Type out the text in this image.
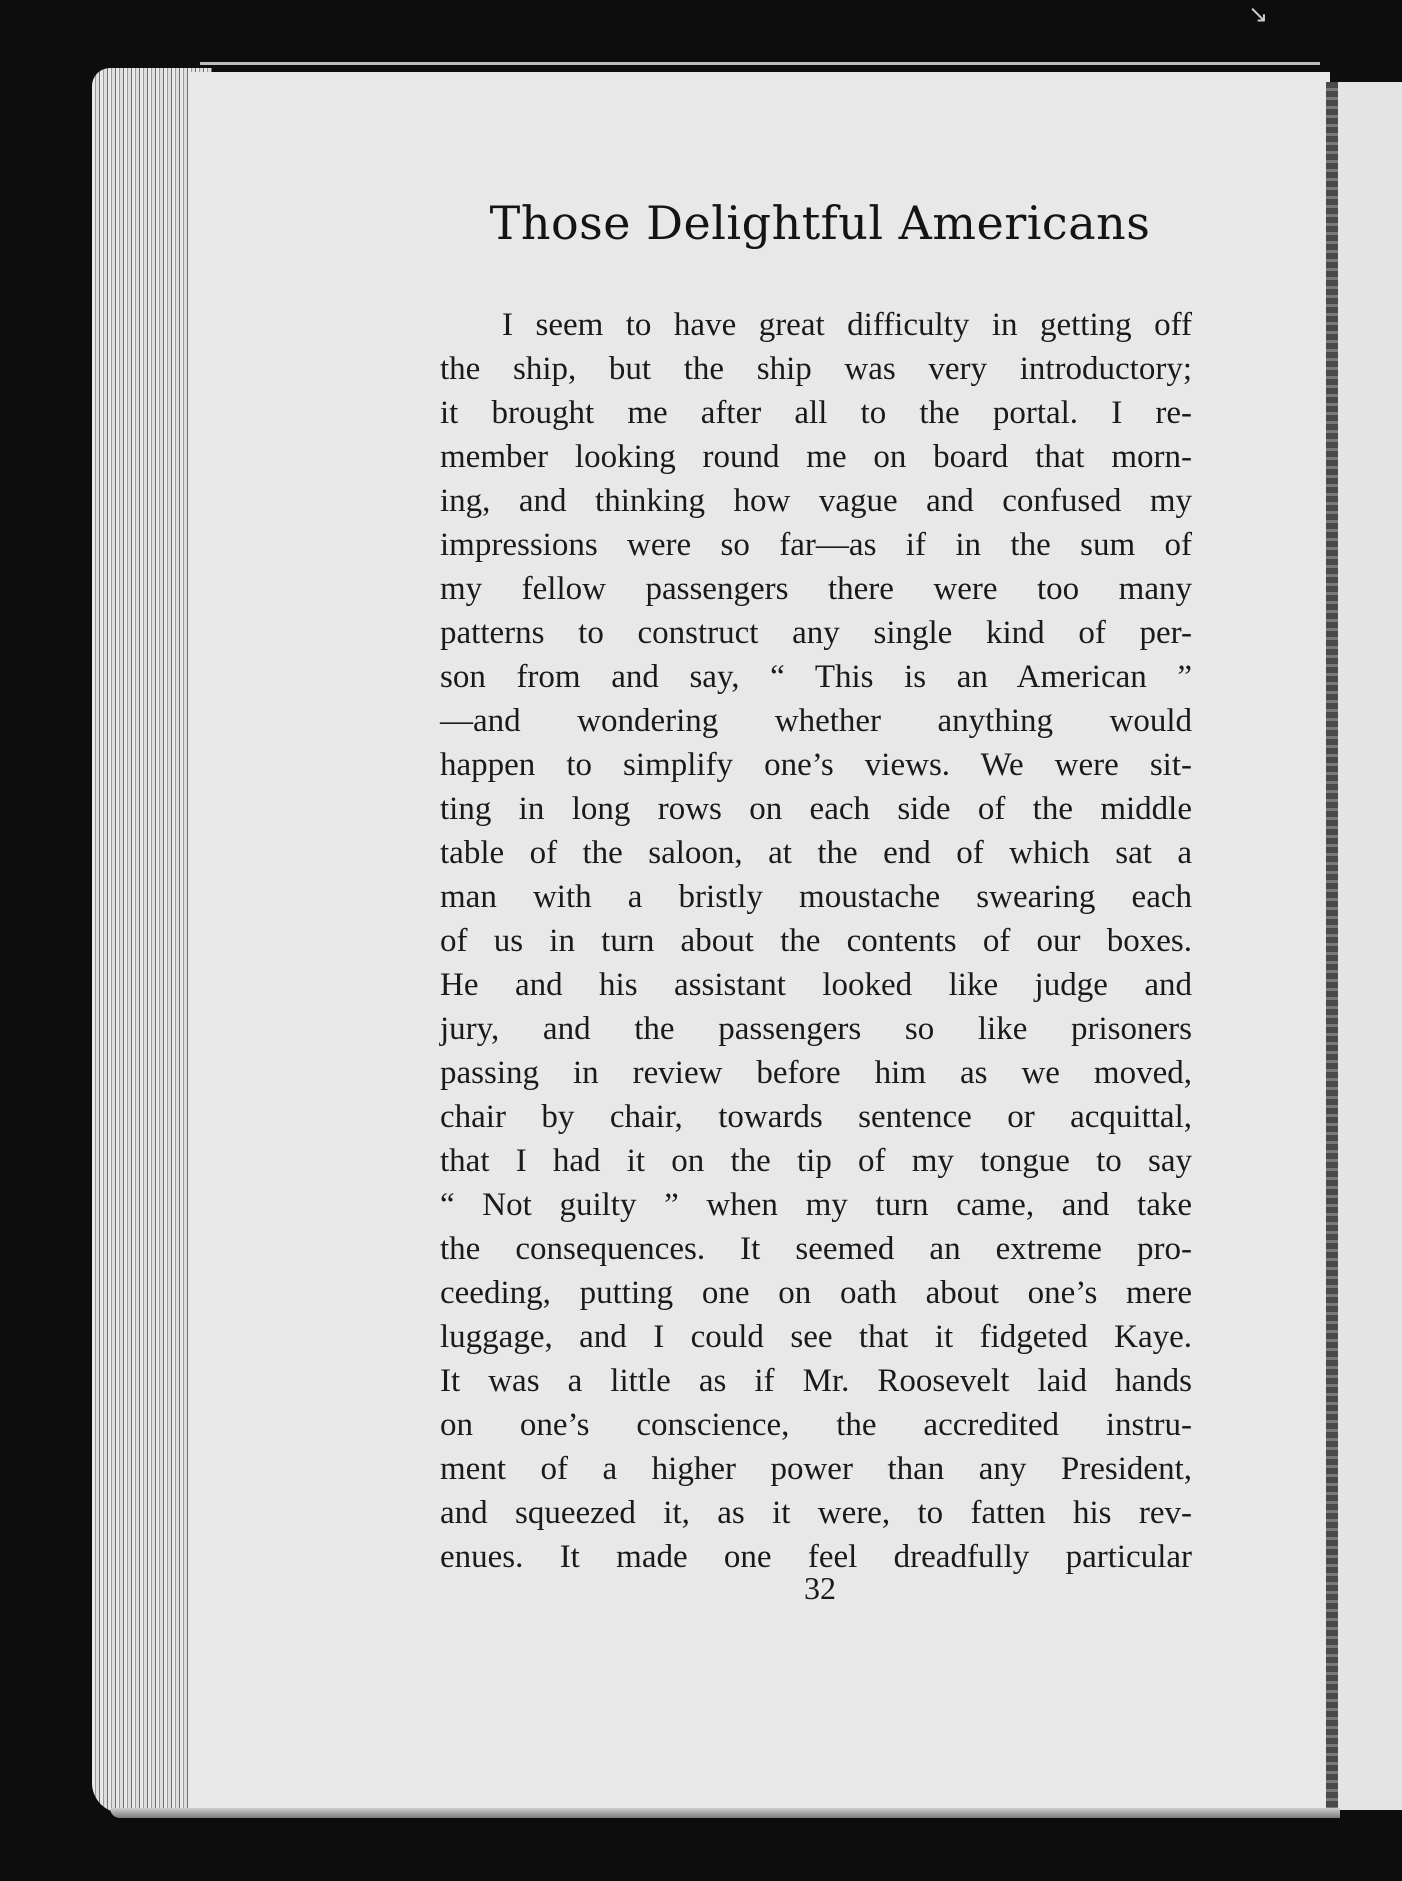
↘
Those Delightful Americans
I seem to have great difficulty in getting off
the ship, but the ship was very introductory;
it brought me after all to the portal. I re-
member looking round me on board that morn-
ing, and thinking how vague and confused my
impressions were so far—as if in the sum of
my fellow passengers there were too many
patterns to construct any single kind of per-
son from and say, “ This is an American ”
—and wondering whether anything would
happen to simplify one’s views. We were sit-
ting in long rows on each side of the middle
table of the saloon, at the end of which sat a
man with a bristly moustache swearing each
of us in turn about the contents of our boxes.
He and his assistant looked like judge and
jury, and the passengers so like prisoners
passing in review before him as we moved,
chair by chair, towards sentence or acquittal,
that I had it on the tip of my tongue to say
“ Not guilty ” when my turn came, and take
the consequences. It seemed an extreme pro-
ceeding, putting one on oath about one’s mere
luggage, and I could see that it fidgeted Kaye.
It was a little as if Mr. Roosevelt laid hands
on one’s conscience, the accredited instru-
ment of a higher power than any President,
and squeezed it, as it were, to fatten his rev-
enues. It made one feel dreadfully particular
32
